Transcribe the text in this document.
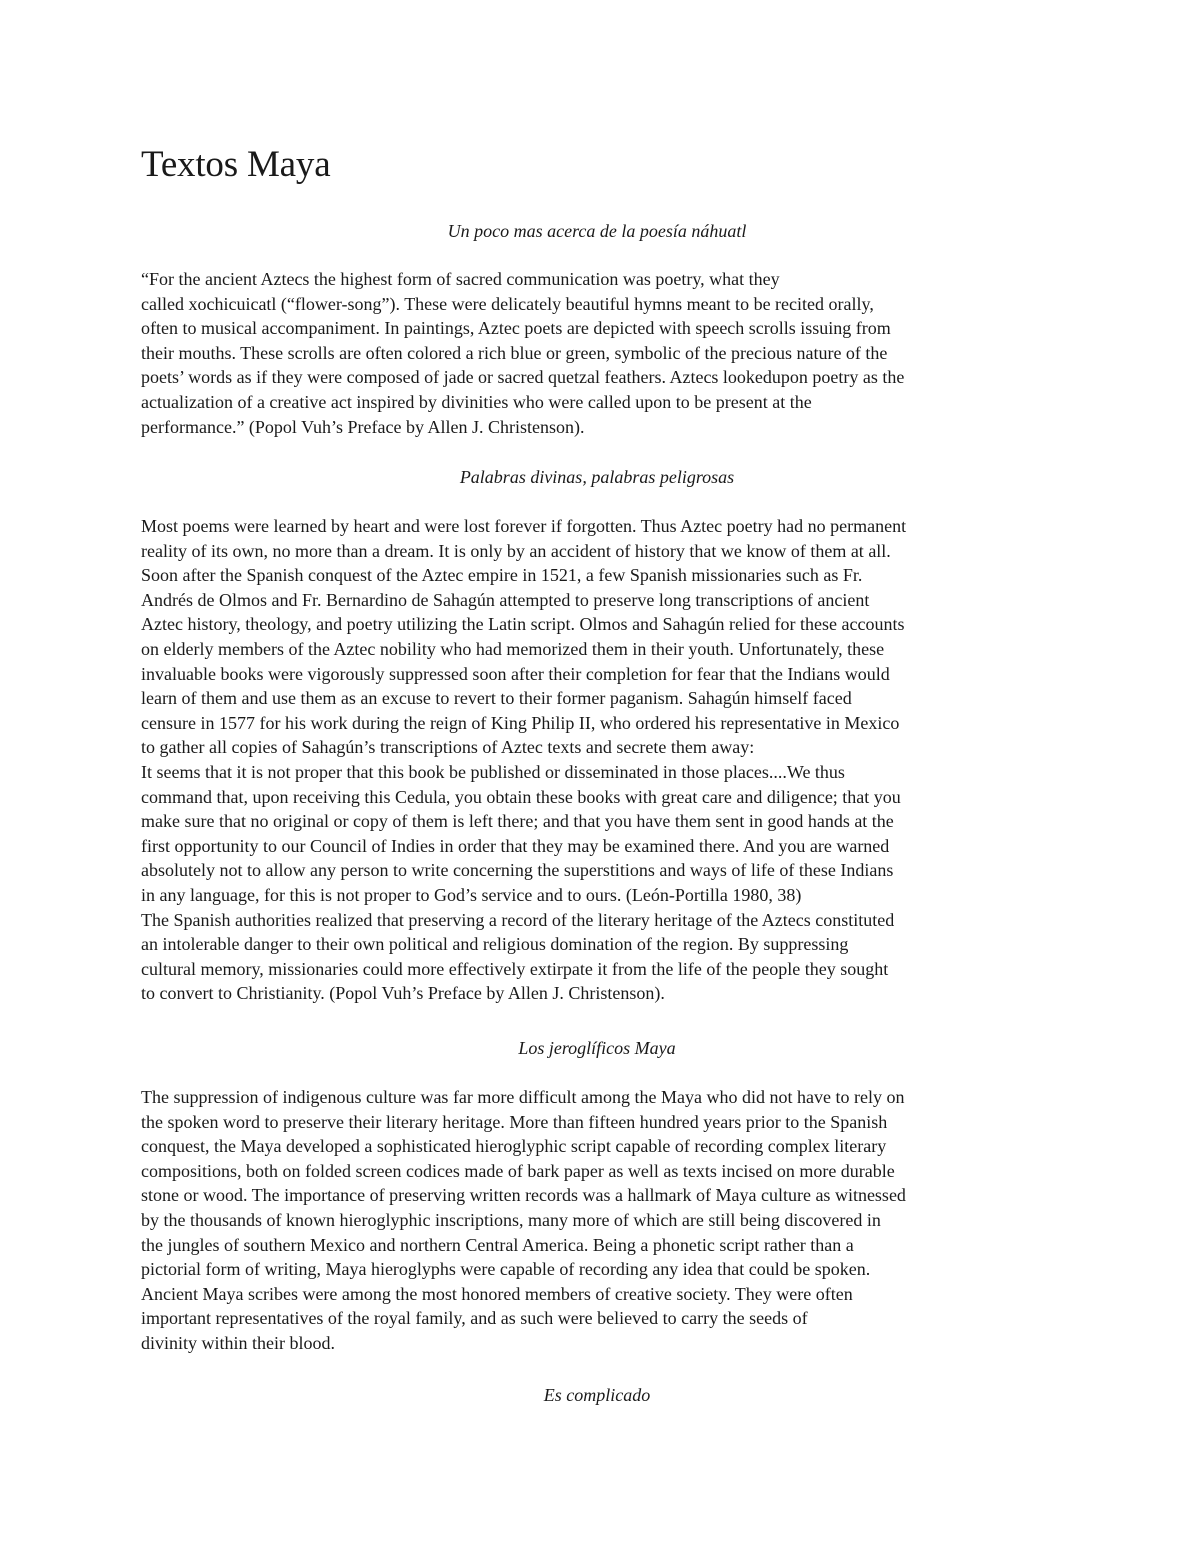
Textos Maya

Un poco mas acerca de la poesía náhuatl

“For the ancient Aztecs the highest form of sacred communication was poetry, what they
called xochicuicatl (“flower-song”). These were delicately beautiful hymns meant to be recited orally,
often to musical accompaniment. In paintings, Aztec poets are depicted with speech scrolls issuing from
their mouths. These scrolls are often colored a rich blue or green, symbolic of the precious nature of the
poets’ words as if they were composed of jade or sacred quetzal feathers. Aztecs lookedupon poetry as the
actualization of a creative act inspired by divinities who were called upon to be present at the
performance.” (Popol Vuh’s Preface by Allen J. Christenson).

Palabras divinas, palabras peligrosas

Most poems were learned by heart and were lost forever if forgotten. Thus Aztec poetry had no permanent
reality of its own, no more than a dream. It is only by an accident of history that we know of them at all.
Soon after the Spanish conquest of the Aztec empire in 1521, a few Spanish missionaries such as Fr.
Andrés de Olmos and Fr. Bernardino de Sahagún attempted to preserve long transcriptions of ancient
Aztec history, theology, and poetry utilizing the Latin script. Olmos and Sahagún relied for these accounts
on elderly members of the Aztec nobility who had memorized them in their youth. Unfortunately, these
invaluable books were vigorously suppressed soon after their completion for fear that the Indians would
learn of them and use them as an excuse to revert to their former paganism. Sahagún himself faced
censure in 1577 for his work during the reign of King Philip II, who ordered his representative in Mexico
to gather all copies of Sahagún’s transcriptions of Aztec texts and secrete them away:
It seems that it is not proper that this book be published or disseminated in those places....We thus
command that, upon receiving this Cedula, you obtain these books with great care and diligence; that you
make sure that no original or copy of them is left there; and that you have them sent in good hands at the
first opportunity to our Council of Indies in order that they may be examined there. And you are warned
absolutely not to allow any person to write concerning the superstitions and ways of life of these Indians
in any language, for this is not proper to God’s service and to ours. (León-Portilla 1980, 38)
The Spanish authorities realized that preserving a record of the literary heritage of the Aztecs constituted
an intolerable danger to their own political and religious domination of the region. By suppressing
cultural memory, missionaries could more effectively extirpate it from the life of the people they sought
to convert to Christianity. (Popol Vuh’s Preface by Allen J. Christenson).

Los jeroglíficos Maya

The suppression of indigenous culture was far more difficult among the Maya who did not have to rely on
the spoken word to preserve their literary heritage. More than fifteen hundred years prior to the Spanish
conquest, the Maya developed a sophisticated hieroglyphic script capable of recording complex literary
compositions, both on folded screen codices made of bark paper as well as texts incised on more durable
stone or wood. The importance of preserving written records was a hallmark of Maya culture as witnessed
by the thousands of known hieroglyphic inscriptions, many more of which are still being discovered in
the jungles of southern Mexico and northern Central America. Being a phonetic script rather than a
pictorial form of writing, Maya hieroglyphs were capable of recording any idea that could be spoken.
Ancient Maya scribes were among the most honored members of creative society. They were often
important representatives of the royal family, and as such were believed to carry the seeds of
divinity within their blood.

Es complicado
